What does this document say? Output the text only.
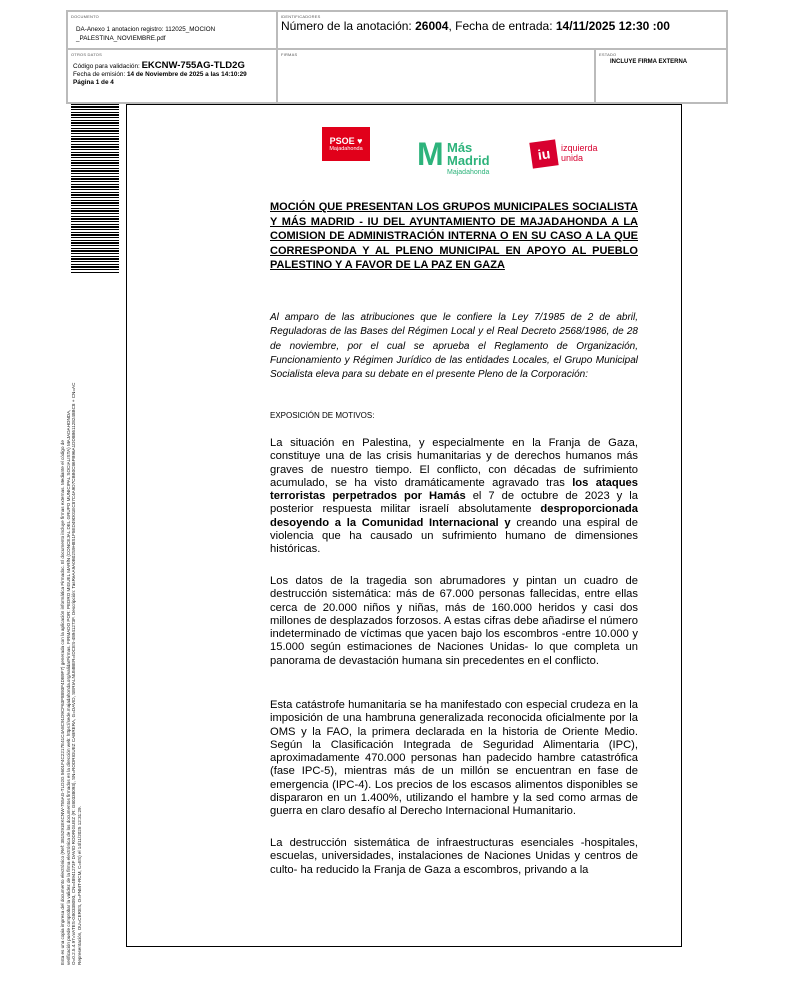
DOCUMENTO
DA-Anexo 1 anotacion registro: 112025_MOCION _PALESTINA_NOVIEMBRE.pdf
IDENTIFICADORES
Número de la anotación: 26004, Fecha de entrada: 14/11/2025 12:30 :00
OTROS DATOS
Código para validación: EKCNW-755AG-TLD2G
Fecha de emisión: 14 de Noviembre de 2025 a las 14:10:29
Página 1 de 4
FIRMAS	ESTADO
INCLUYE FIRMA EXTERNA
Esta es una copia impresa del documento electrónico (Ref: 3815291EKCNW-755AG-TLD2G 5601F4C2217E41C4A8C91D9CF63F8893F4DB9F7) generada con la aplicación informática Firmadoc. El documento incluye firmas externas. Mediante el código de verificación puede comprobar la validez de la firma electrónica de los documentos firmados en la dirección web: https://sede.majadahonda.org/validarFirmas. FIRMADO POR: PEDRO MIGUEL MARÍN (CONCEJAL DEL GRUPO MUNICIPAL SOCIALISTA) MAJADAHONDA, O=0.2.5.4.97=VATES-G80338093, CN=48941273F DAVID RODRIGUEZ (R: G80338093), SN=RODRIGUEZ CABRERA, G=DAVID, SERIALNUMBER=IDCES-48941273F. Descripción: TasReAA9A0B02S9H8S1F5ED49D01EC87C4A9D7CBB0C86FB96A1DD8B61128248BC8 + CN=AC Representación, OU=CERES, O=FNMT-RCM, C=ES) el 14/11/2025 12:31:29.
PSOE ♥
Majadahonda M Más
Madrid
Majadahonda
iu	izquierda
unida
MOCIÓN QUE PRESENTAN LOS GRUPOS MUNICIPALES SOCIALISTA Y MÁS MADRID - IU DEL AYUNTAMIENTO DE MAJADAHONDA A LA COMISION DE ADMINISTRACIÓN INTERNA O EN SU CASO A LA QUE CORRESPONDA Y AL PLENO MUNICIPAL EN APOYO AL PUEBLO PALESTINO Y A FAVOR DE LA PAZ EN GAZA
Al amparo de las atribuciones que le confiere la Ley 7/1985 de 2 de abril, Reguladoras de las Bases del Régimen Local y el Real Decreto 2568/1986, de 28 de noviembre, por el cual se aprueba el Reglamento de Organización, Funcionamiento y Régimen Jurídico de las entidades Locales, el Grupo Municipal Socialista eleva para su debate en el presente Pleno de la Corporación:
EXPOSICIÓN DE MOTIVOS:
La situación en Palestina, y especialmente en la Franja de Gaza, constituye una de las crisis humanitarias y de derechos humanos más graves de nuestro tiempo. El conflicto, con décadas de sufrimiento acumulado, se ha visto dramáticamente agravado tras los ataques terroristas perpetrados por Hamás el 7 de octubre de 2023 y la posterior respuesta militar israelí absolutamente desproporcionada desoyendo a la Comunidad Internacional y creando una espiral de violencia que ha causado un sufrimiento humano de dimensiones históricas.
Los datos de la tragedia son abrumadores y pintan un cuadro de destrucción sistemática: más de 67.000 personas fallecidas, entre ellas cerca de 20.000 niños y niñas, más de 160.000 heridos y casi dos millones de desplazados forzosos. A estas cifras debe añadirse el número indeterminado de víctimas que yacen bajo los escombros -entre 10.000 y 15.000 según estimaciones de Naciones Unidas- lo que completa un panorama de devastación humana sin precedentes en el conflicto.
Esta catástrofe humanitaria se ha manifestado con especial crudeza en la imposición de una hambruna generalizada reconocida oficialmente por la OMS y la FAO, la primera declarada en la historia de Oriente Medio. Según la Clasificación Integrada de Seguridad Alimentaria (IPC), aproximadamente 470.000 personas han padecido hambre catastrófica (fase IPC-5), mientras más de un millón se encuentran en fase de emergencia (IPC-4). Los precios de los escasos alimentos disponibles se dispararon en un 1.400%, utilizando el hambre y la sed como armas de guerra en claro desafío al Derecho Internacional Humanitario.
La destrucción sistemática de infraestructuras esenciales -hospitales, escuelas, universidades, instalaciones de Naciones Unidas y centros de culto- ha reducido la Franja de Gaza a escombros, privando a la
